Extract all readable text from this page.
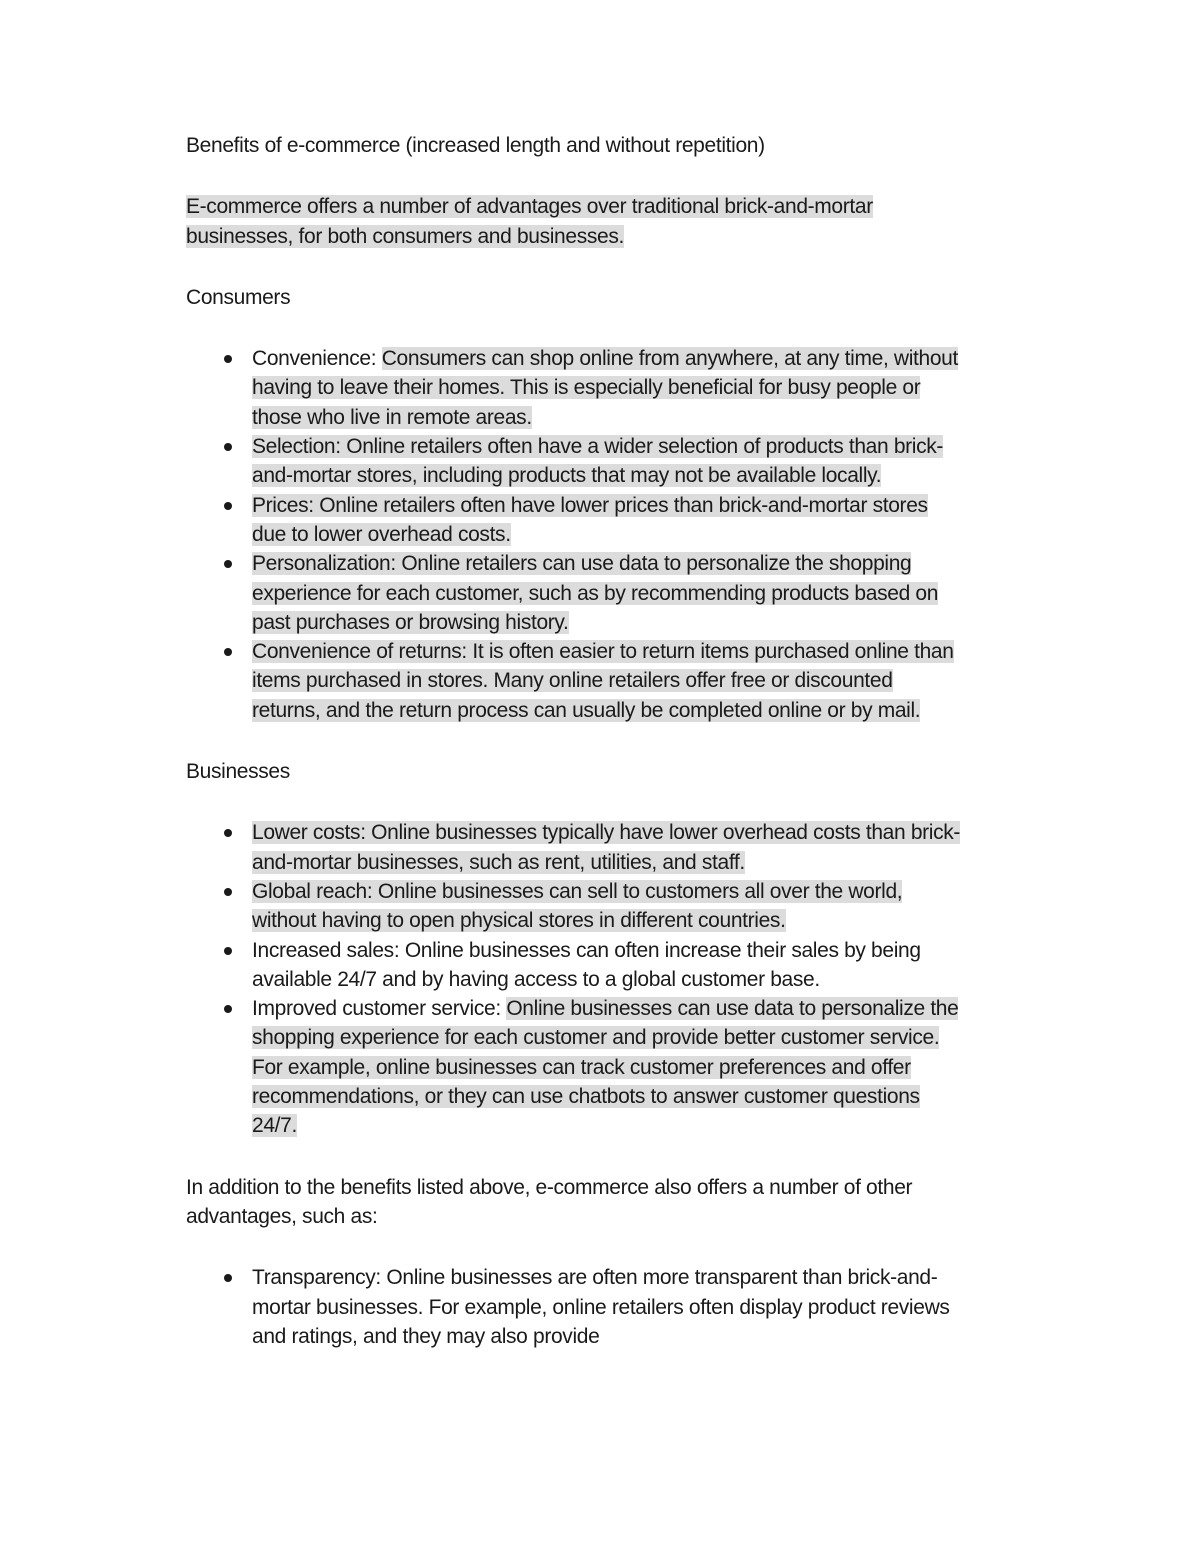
Benefits of e-commerce (increased length and without repetition)

E-commerce offers a number of advantages over traditional brick-and-mortar businesses, for both consumers and businesses.

Consumers

Convenience: Consumers can shop online from anywhere, at any time, without having to leave their homes. This is especially beneficial for busy people or those who live in remote areas.
Selection: Online retailers often have a wider selection of products than brick-and-mortar stores, including products that may not be available locally.
Prices: Online retailers often have lower prices than brick-and-mortar stores due to lower overhead costs.
Personalization: Online retailers can use data to personalize the shopping experience for each customer, such as by recommending products based on past purchases or browsing history.
Convenience of returns: It is often easier to return items purchased online than items purchased in stores. Many online retailers offer free or discounted returns, and the return process can usually be completed online or by mail.

Businesses

Lower costs: Online businesses typically have lower overhead costs than brick-and-mortar businesses, such as rent, utilities, and staff.
Global reach: Online businesses can sell to customers all over the world, without having to open physical stores in different countries.
Increased sales: Online businesses can often increase their sales by being available 24/7 and by having access to a global customer base.
Improved customer service: Online businesses can use data to personalize the shopping experience for each customer and provide better customer service. For example, online businesses can track customer preferences and offer recommendations, or they can use chatbots to answer customer questions 24/7.

In addition to the benefits listed above, e-commerce also offers a number of other advantages, such as:

Transparency: Online businesses are often more transparent than brick-and-mortar businesses. For example, online retailers often display product reviews and ratings, and they may also provide
